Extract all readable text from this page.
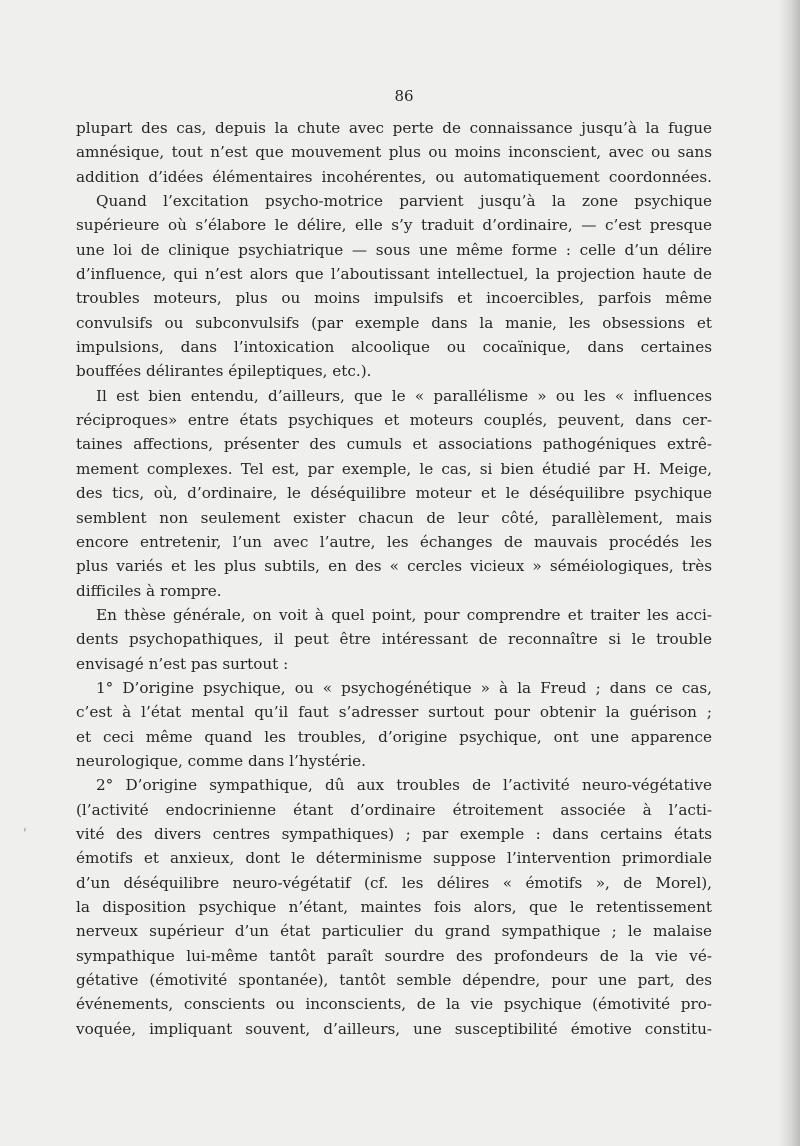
86
plupart des cas, depuis la chute avec perte de connaissance jusqu’à la fugue
amnésique, tout n’est que mouvement plus ou moins inconscient, avec ou sans
addition d’idées élémentaires incohérentes, ou automatiquement coordonnées.
Quand l’excitation psycho-motrice parvient jusqu’à la zone psychique
supérieure où s’élabore le délire, elle s’y traduit d’ordinaire, — c’est presque
une loi de clinique psychiatrique — sous une même forme : celle d’un délire
d’influence, qui n’est alors que l’aboutissant intellectuel, la projection haute de
troubles moteurs, plus ou moins impulsifs et incoercibles, parfois même
convulsifs ou subconvulsifs (par exemple dans la manie, les obsessions et
impulsions, dans l’intoxication alcoolique ou cocaïnique, dans certaines
bouffées délirantes épileptiques, etc.).
Il est bien entendu, d’ailleurs, que le « parallélisme » ou les « influences
réciproques» entre états psychiques et moteurs couplés, peuvent, dans cer-
taines affections, présenter des cumuls et associations pathogéniques extrê-
mement complexes. Tel est, par exemple, le cas, si bien étudié par H. Meige,
des tics, où, d’ordinaire, le déséquilibre moteur et le déséquilibre psychique
semblent non seulement exister chacun de leur côté, parallèlement, mais
encore entretenir, l’un avec l’autre, les échanges de mauvais procédés les
plus variés et les plus subtils, en des « cercles vicieux » séméiologiques, très
difficiles à rompre.
En thèse générale, on voit à quel point, pour comprendre et traiter les acci-
dents psychopathiques, il peut être intéressant de reconnaître si le trouble
envisagé n’est pas surtout :
1° D’origine psychique, ou « psychogénétique » à la Freud ; dans ce cas,
c’est à l’état mental qu’il faut s’adresser surtout pour obtenir la guérison ;
et ceci même quand les troubles, d’origine psychique, ont une apparence
neurologique, comme dans l’hystérie.
2° D’origine sympathique, dû aux troubles de l’activité neuro-végétative
(l’activité endocrinienne étant d’ordinaire étroitement associée à l’acti-
vité des divers centres sympathiques) ; par exemple : dans certains états
émotifs et anxieux, dont le déterminisme suppose l’intervention primordiale
d’un déséquilibre neuro-végétatif (cf. les délires « émotifs », de Morel),
la disposition psychique n’étant, maintes fois alors, que le retentissement
nerveux supérieur d’un état particulier du grand sympathique ; le malaise
sympathique lui-même tantôt paraît sourdre des profondeurs de la vie vé-
gétative (émotivité spontanée), tantôt semble dépendre, pour une part, des
événements, conscients ou inconscients, de la vie psychique (émotivité pro-
voquée, impliquant souvent, d’ailleurs, une susceptibilité émotive constitu-
ʻ
